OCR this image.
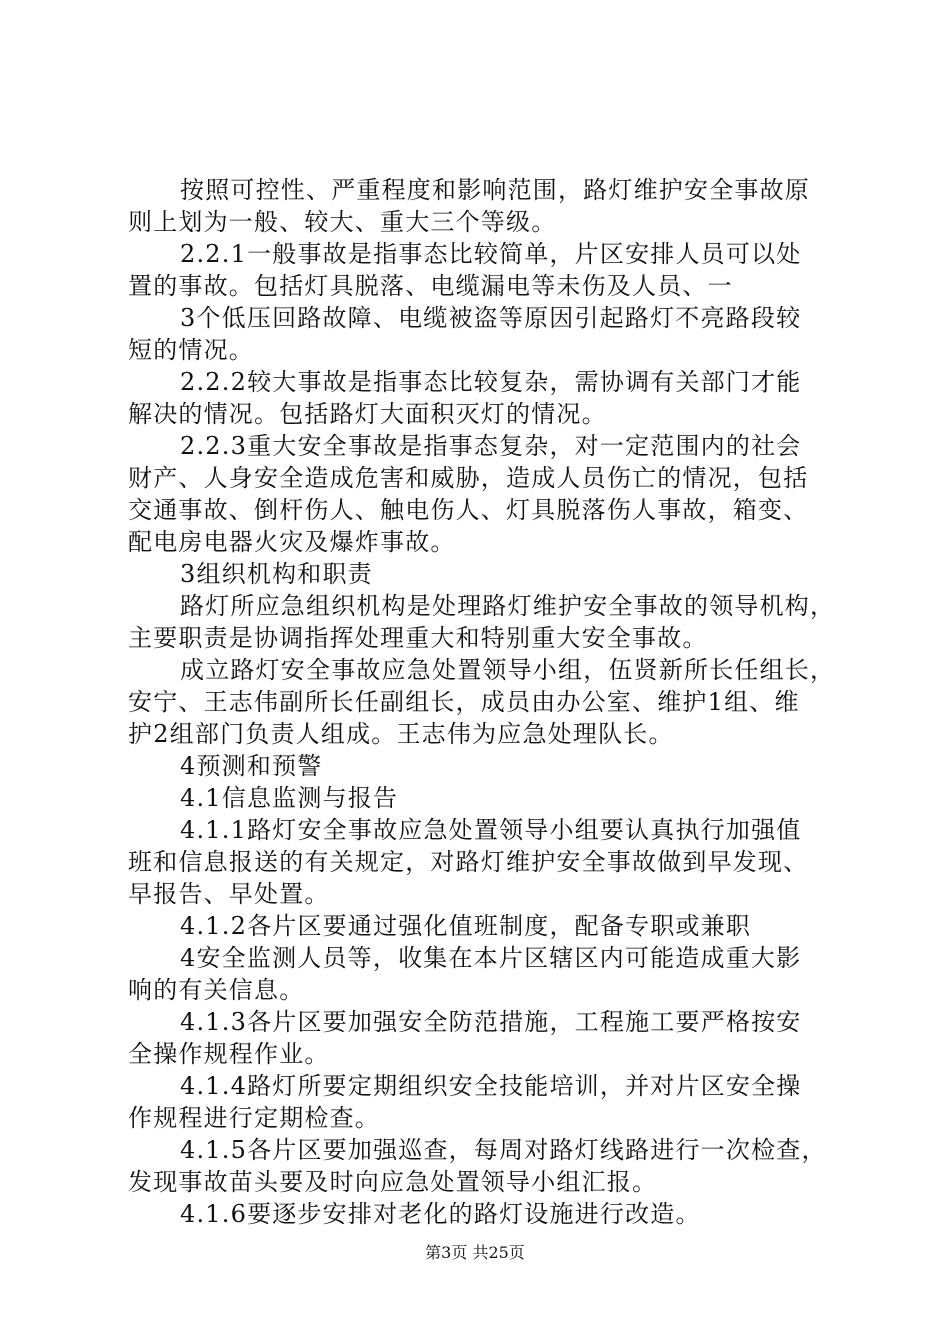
按照可控性、严重程度和影响范围，路灯维护安全事故原
则上划为一般、较大、重大三个等级。
2.2.1一般事故是指事态比较简单，片区安排人员可以处
置的事故。包括灯具脱落、电缆漏电等未伤及人员、一
3个低压回路故障、电缆被盗等原因引起路灯不亮路段较
短的情况。
2.2.2较大事故是指事态比较复杂，需协调有关部门才能
解决的情况。包括路灯大面积灭灯的情况。
2.2.3重大安全事故是指事态复杂，对一定范围内的社会
财产、人身安全造成危害和威胁，造成人员伤亡的情况，包括
交通事故、倒杆伤人、触电伤人、灯具脱落伤人事故，箱变、
配电房电器火灾及爆炸事故。
3组织机构和职责
路灯所应急组织机构是处理路灯维护安全事故的领导机构，
主要职责是协调指挥处理重大和特别重大安全事故。
成立路灯安全事故应急处置领导小组，伍贤新所长任组长，
安宁、王志伟副所长任副组长，成员由办公室、维护1组、维
护2组部门负责人组成。王志伟为应急处理队长。
4预测和预警
4.1信息监测与报告
4.1.1路灯安全事故应急处置领导小组要认真执行加强值
班和信息报送的有关规定，对路灯维护安全事故做到早发现、
早报告、早处置。
4.1.2各片区要通过强化值班制度，配备专职或兼职
4安全监测人员等，收集在本片区辖区内可能造成重大影
响的有关信息。
4.1.3各片区要加强安全防范措施，工程施工要严格按安
全操作规程作业。
4.1.4路灯所要定期组织安全技能培训，并对片区安全操
作规程进行定期检查。
4.1.5各片区要加强巡查，每周对路灯线路进行一次检查，
发现事故苗头要及时向应急处置领导小组汇报。
4.1.6要逐步安排对老化的路灯设施进行改造。
第3页 共25页
